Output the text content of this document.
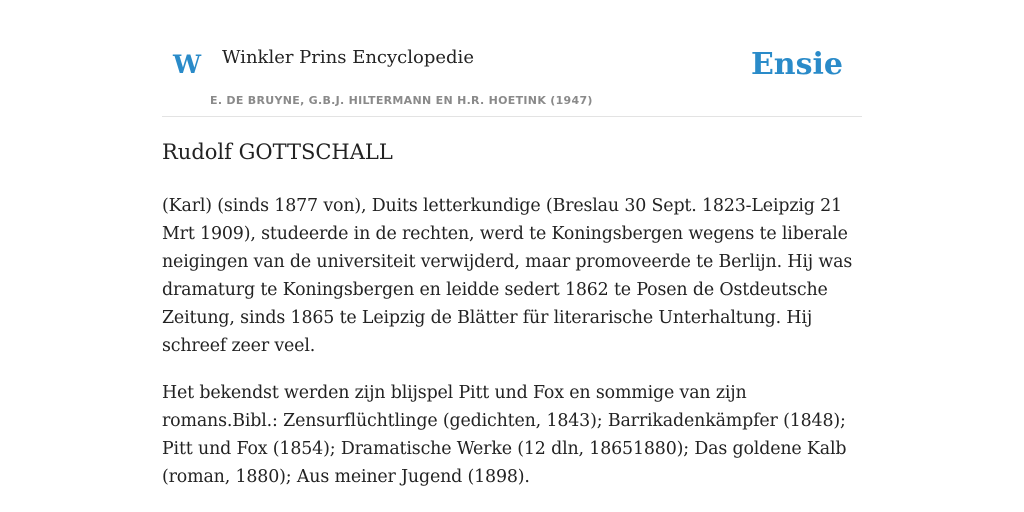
W Winkler Prins Encyclopedie
E. DE BRUYNE, G.B.J. HILTERMANN EN H.R. HOETINK (1947)
Ensie
Rudolf GOTTSCHALL

(Karl) (sinds 1877 von), Duits letterkundige (Breslau 30 Sept. 1823-Leipzig 21 Mrt 1909), studeerde in de rechten, werd te Koningsbergen wegens te liberale neigingen van de universiteit verwijderd, maar promoveerde te Berlijn. Hij was dramaturg te Koningsbergen en leidde sedert 1862 te Posen de Ostdeutsche Zeitung, sinds 1865 te Leipzig de Blätter für literarische Unterhaltung. Hij schreef zeer veel.

Het bekendst werden zijn blijspel Pitt und Fox en sommige van zijn romans.Bibl.: Zensurflüchtlinge (gedichten, 1843); Barrikadenkämpfer (1848); Pitt und Fox (1854); Dramatische Werke (12 dln, 18651880); Das goldene Kalb (roman, 1880); Aus meiner Jugend (1898).
